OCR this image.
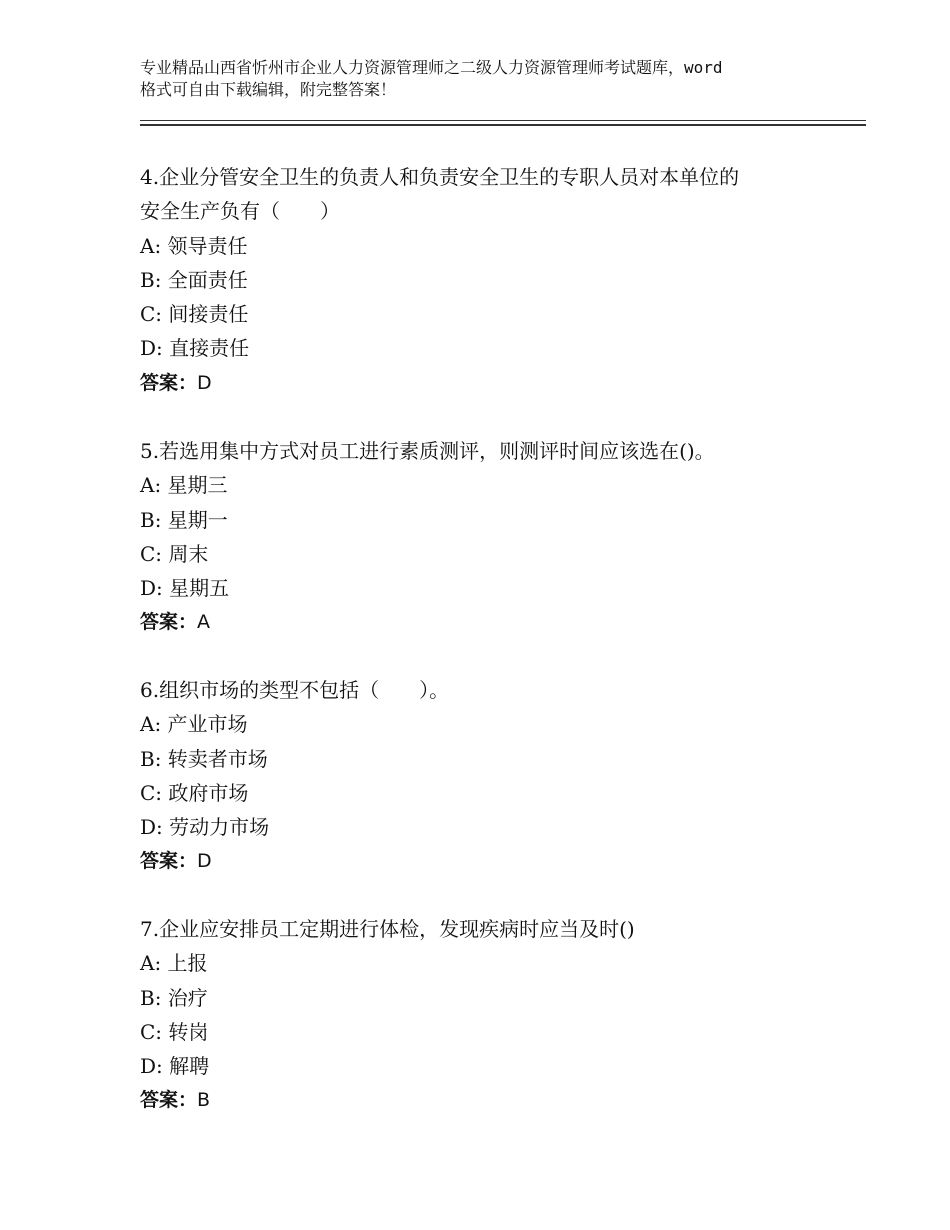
专业精品山西省忻州市企业人力资源管理师之二级人力资源管理师考试题库，word
格式可自由下载编辑，附完整答案！
4.企业分管安全卫生的负责人和负责安全卫生的专职人员对本单位的
安全生产负有（　　）
A: 领导责任
B: 全面责任
C: 间接责任
D: 直接责任
答案：D
5.若选用集中方式对员工进行素质测评，则测评时间应该选在()。
A: 星期三
B: 星期一
C: 周末
D: 星期五
答案：A
6.组织市场的类型不包括（　　）。
A: 产业市场
B: 转卖者市场
C: 政府市场
D: 劳动力市场
答案：D
7.企业应安排员工定期进行体检，发现疾病时应当及时()
A: 上报
B: 治疗
C: 转岗
D: 解聘
答案：B
